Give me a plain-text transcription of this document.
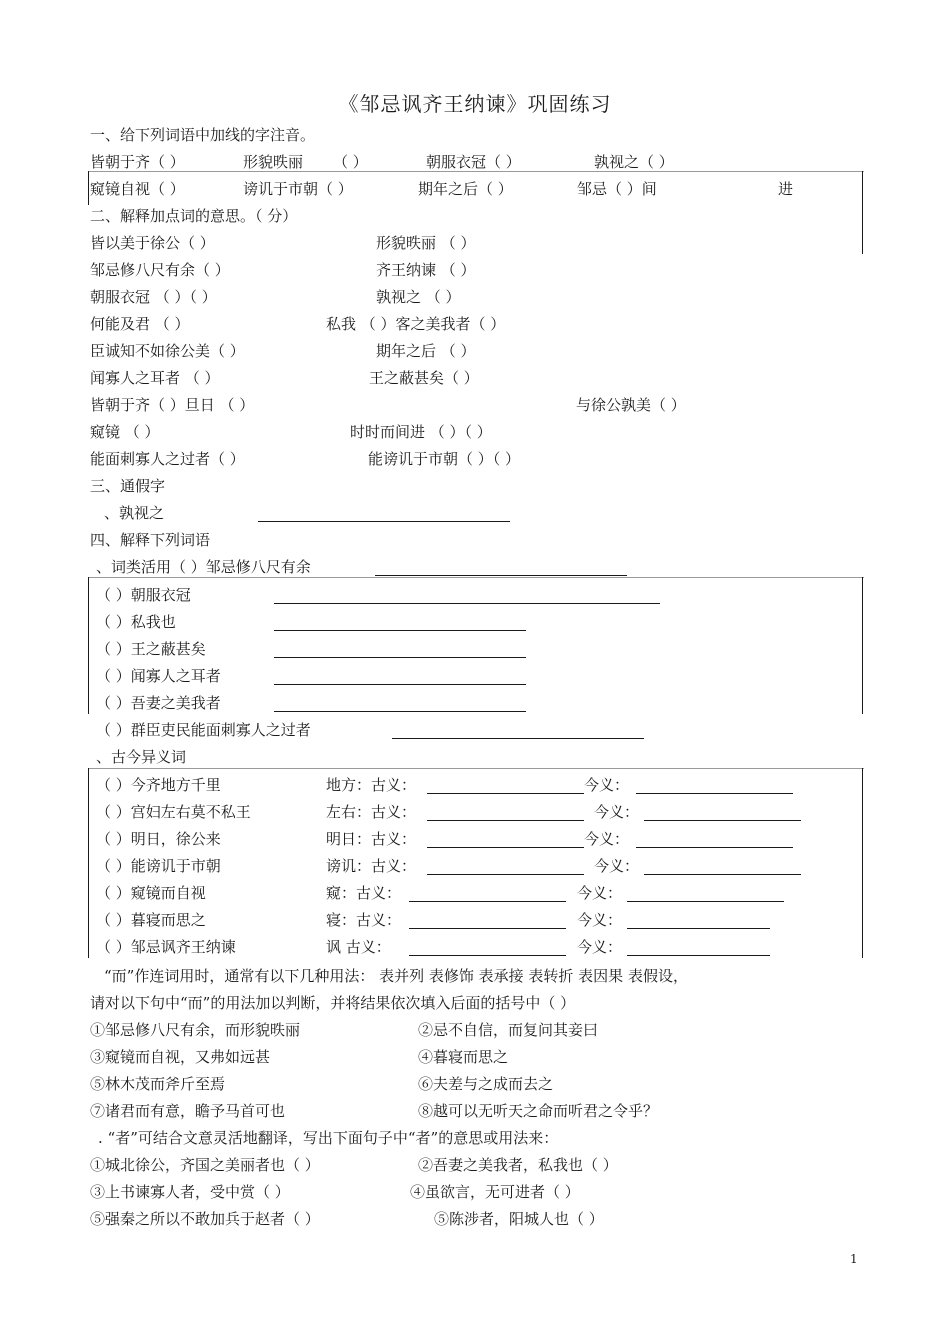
《邹忌讽齐王纳谏》巩固练习
一、给下列词语中加线的字注音。
皆朝于齐（ ）	形貌昳丽 （ ）	朝服衣冠（ ）	孰视之（ ）
窥镜自视（ ）	谤讥于市朝（ ）	期年之后（ ）	邹忌（ ）间	进
二、解释加点词的意思。（ 分）
皆以美于徐公（ ）	形貌昳丽 （ ）
邹忌修八尺有余（ ）	齐王纳谏 （ ）
朝服衣冠 （ ）（ ）	孰视之 （ ）
何能及君 （ ）	私我 （ ）客之美我者（ ）
臣诚知不如徐公美（ ）	期年之后 （ ）
闻寡人之耳者 （ ）	王之蔽甚矣（ ）
皆朝于齐（ ）旦日 （ ）	与徐公孰美（ ）
窥镜 （ ）	时时而间进 （ ）（ ）
能面刺寡人之过者（ ）	能谤讥于市朝（ ）（ ）
三、通假字
、孰视之
四、解释下列词语
、词类活用（ ）邹忌修八尺有余
（ ）朝服衣冠
（ ）私我也
（ ）王之蔽甚矣
（ ）闻寡人之耳者
（ ）吾妻之美我者
（ ）群臣吏民能面刺寡人之过者
、古今异义词
（ ）今齐地方千里	地方：古义：	今义：
（ ）宫妇左右莫不私王	左右：古义：	今义：
（ ）明日，徐公来	明日：古义：	今义：
（ ）能谤讥于市朝	谤讥：古义：	今义：
（ ）窥镜而自视	窥：古义：	今义：
（ ）暮寝而思之	寝：古义：	今义：
（ ）邹忌讽齐王纳谏	讽 古义：	今义：
“而”作连词用时，通常有以下几种用法： 表并列 表修饰 表承接 表转折 表因果 表假设，
请对以下句中“而”的用法加以判断，并将结果依次填入后面的括号中（ ）
①邹忌修八尺有余，而形貌昳丽	②忌不自信，而复问其妾曰
③窥镜而自视，又弗如远甚	④暮寝而思之
⑤林木茂而斧斤至焉	⑥夫差与之成而去之
⑦诸君而有意，瞻予马首可也	⑧越可以无听天之命而听君之令乎？
. “者”可结合文意灵活地翻译，写出下面句子中“者”的意思或用法来：
①城北徐公，齐国之美丽者也（ ）	②吾妻之美我者，私我也（ ）
③上书谏寡人者，受中赏（ ）	④虽欲言，无可进者（ ）
⑤强秦之所以不敢加兵于赵者（ ）	⑤陈涉者，阳城人也（ ）
1
